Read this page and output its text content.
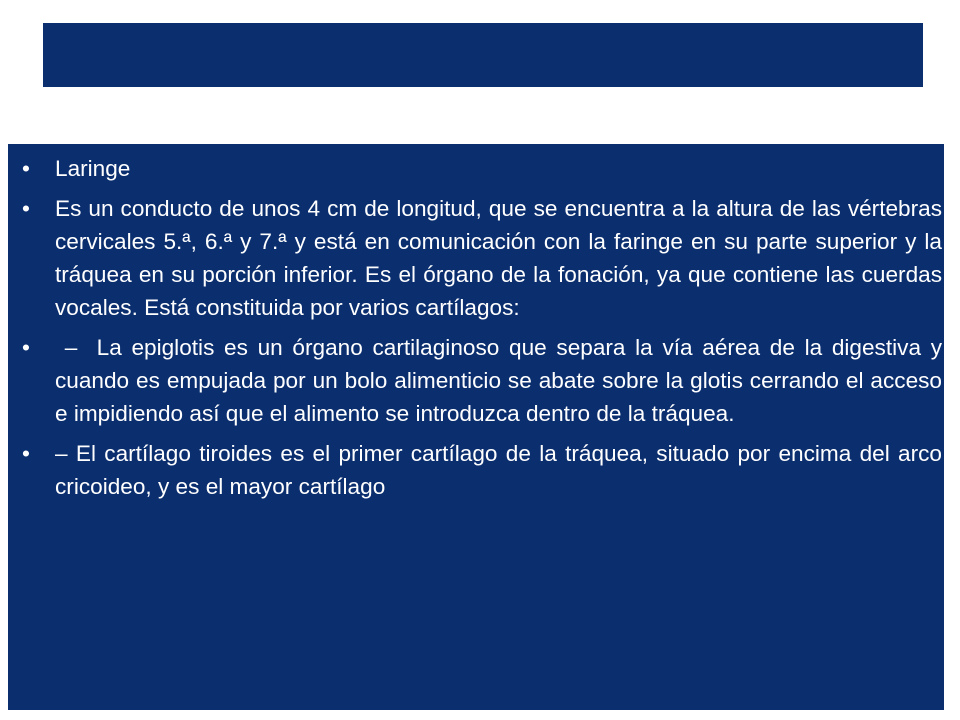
• Laringe
• Es un conducto de unos 4 cm de longitud, que se encuentra a la altura de las vértebras cervicales 5.ª, 6.ª y 7.ª y está en comunicación con la faringe en su parte superior y la tráquea en su porción inferior. Es el órgano de la fonación, ya que contiene las cuerdas vocales. Está constituida por varios cartílagos:
• –  La epiglotis es un órgano cartilaginoso que separa la vía aérea de la digestiva y cuando es empujada por un bolo alimenticio se abate sobre la glotis cerrando el acceso e impidiendo así que el alimento se introduzca dentro de la tráquea.
• – El cartílago tiroides es el primer cartílago de la tráquea, situado por encima del arco cricoideo, y es el mayor cartílago
